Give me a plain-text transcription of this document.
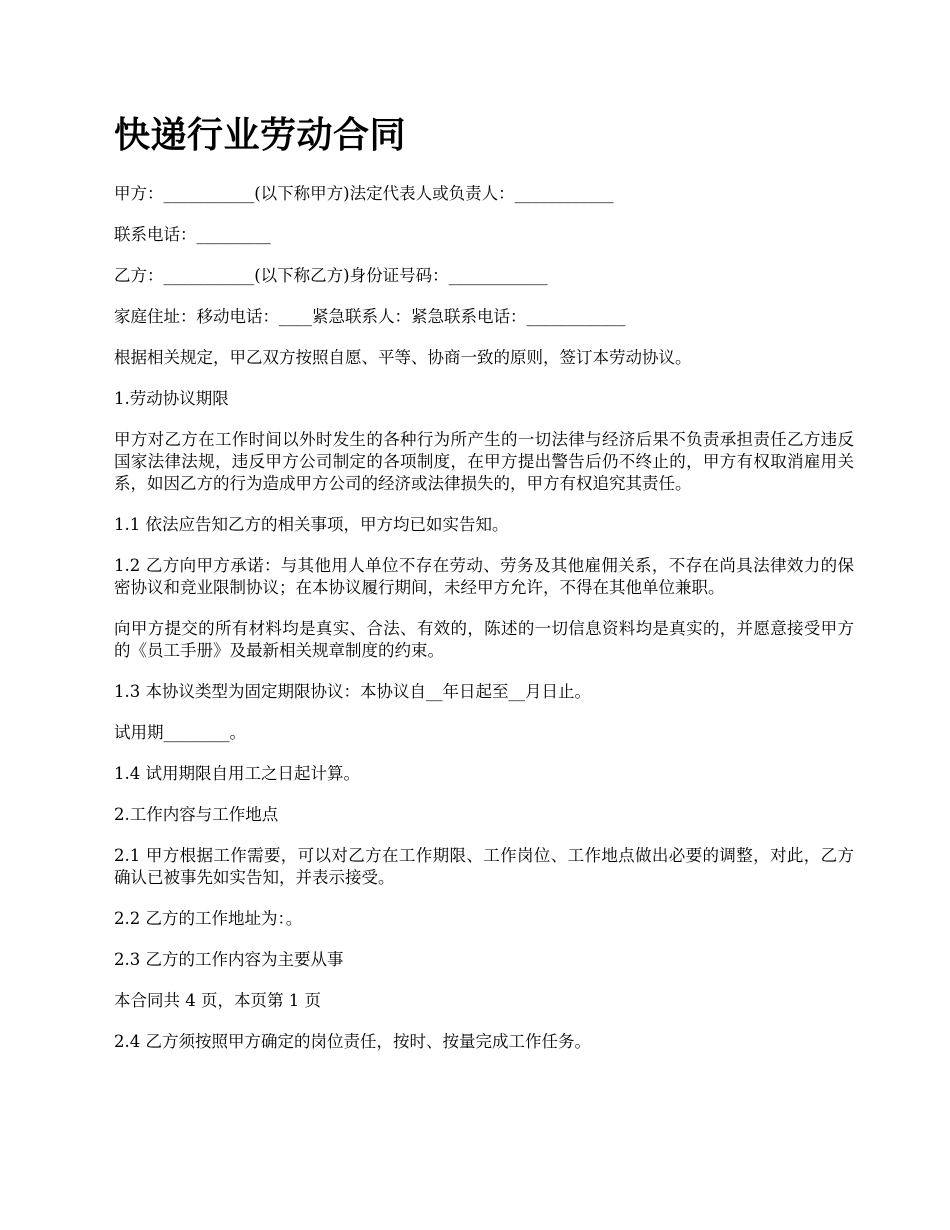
快递行业劳动合同

甲方：___________(以下称甲方)法定代表人或负责人：____________

联系电话：_________

乙方：___________(以下称乙方)身份证号码：____________

家庭住址：移动电话：____紧急联系人：紧急联系电话：____________

根据相关规定，甲乙双方按照自愿、平等、协商一致的原则，签订本劳动协议。

1.劳动协议期限

甲方对乙方在工作时间以外时发生的各种行为所产生的一切法律与经济后果不负责承担责任乙方违反国家法律法规，违反甲方公司制定的各项制度，在甲方提出警告后仍不终止的，甲方有权取消雇用关系，如因乙方的行为造成甲方公司的经济或法律损失的，甲方有权追究其责任。

1.1 依法应告知乙方的相关事项，甲方均已如实告知。

1.2 乙方向甲方承诺：与其他用人单位不存在劳动、劳务及其他雇佣关系，不存在尚具法律效力的保密协议和竞业限制协议；在本协议履行期间，未经甲方允许，不得在其他单位兼职。

向甲方提交的所有材料均是真实、合法、有效的，陈述的一切信息资料均是真实的，并愿意接受甲方的《员工手册》及最新相关规章制度的约束。

1.3 本协议类型为固定期限协议：本协议自__年日起至__月日止。

试用期________。

1.4 试用期限自用工之日起计算。

2.工作内容与工作地点

2.1 甲方根据工作需要，可以对乙方在工作期限、工作岗位、工作地点做出必要的调整，对此，乙方确认已被事先如实告知，并表示接受。

2.2 乙方的工作地址为：。

2.3 乙方的工作内容为主要从事

本合同共 4 页，本页第 1 页

2.4 乙方须按照甲方确定的岗位责任，按时、按量完成工作任务。
